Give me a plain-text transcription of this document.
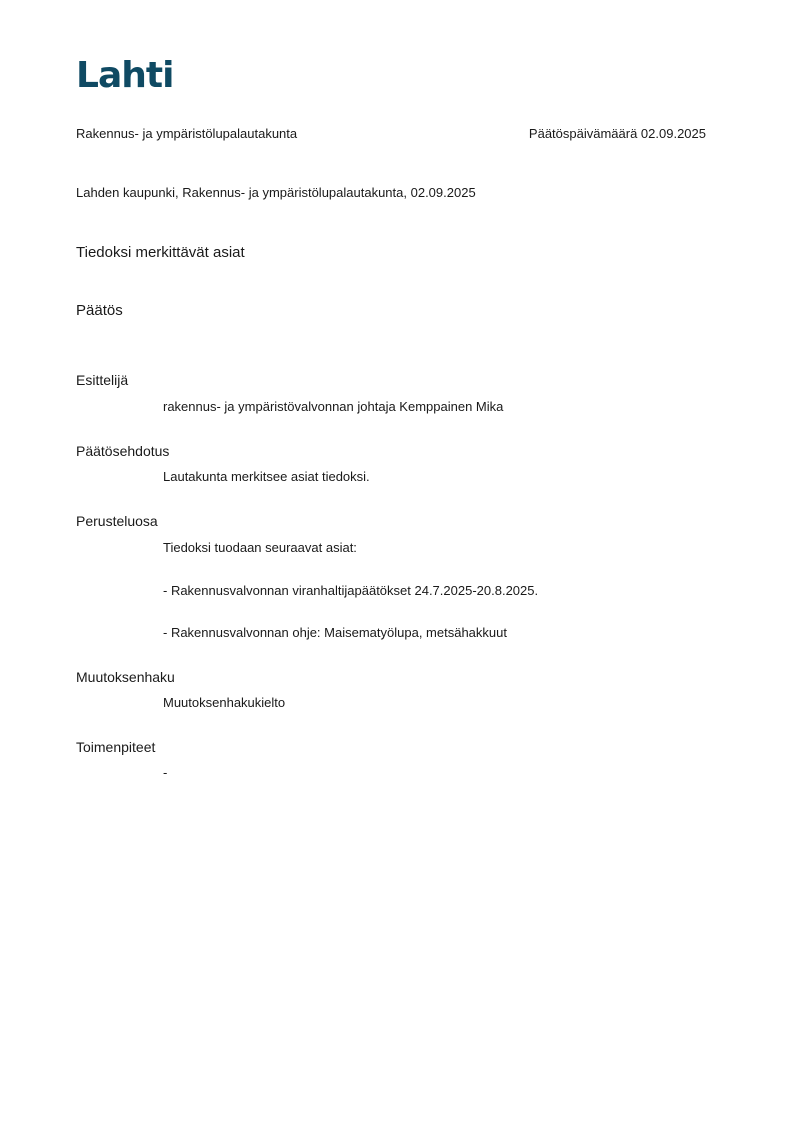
Lahti
Rakennus- ja ympäristölupalautakunta	Päätöspäivämäärä 02.09.2025
Lahden kaupunki, Rakennus- ja ympäristölupalautakunta, 02.09.2025
Tiedoksi merkittävät asiat
Päätös
Esittelijä
rakennus- ja ympäristövalvonnan johtaja Kemppainen Mika
Päätösehdotus
Lautakunta merkitsee asiat tiedoksi.
Perusteluosa
Tiedoksi tuodaan seuraavat asiat:
- Rakennusvalvonnan viranhaltijapäätökset 24.7.2025-20.8.2025.
- Rakennusvalvonnan ohje: Maisematyölupa, metsähakkuut
Muutoksenhaku
Muutoksenhakukielto
Toimenpiteet
-
